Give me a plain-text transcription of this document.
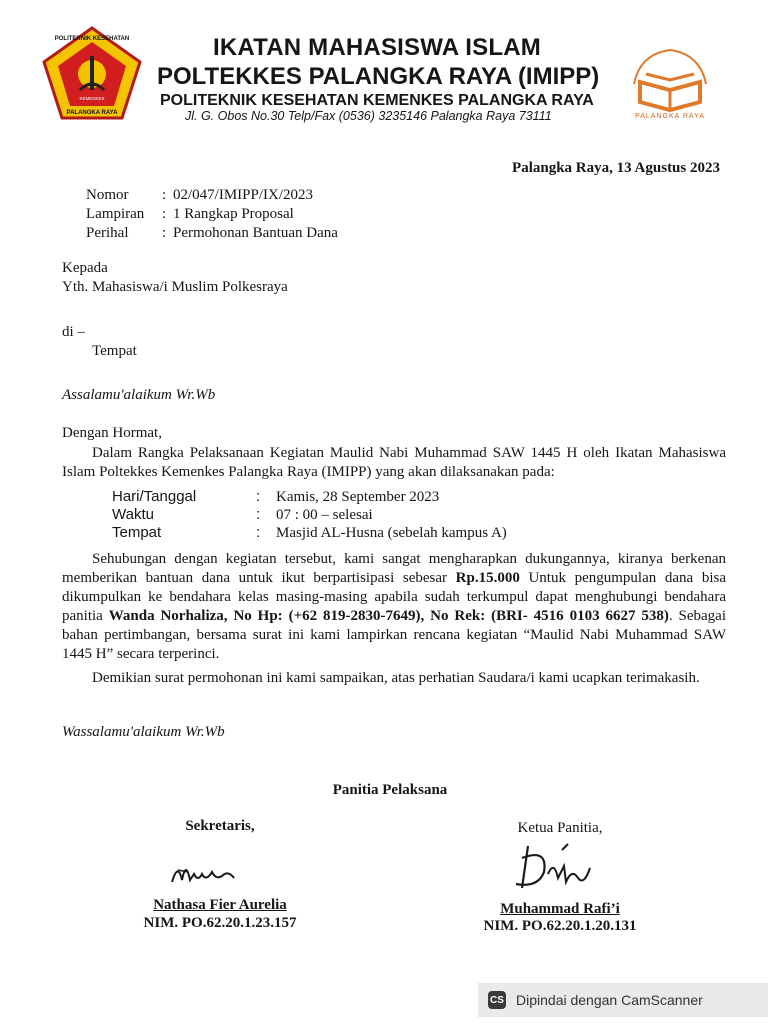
POLITEKNIK KESEHATAN
KEMENKES
PALANGKA RAYA	PALANGKA RAYA
IKATAN MAHASISWA ISLAM
POLTEKKES PALANGKA RAYA (IMIPP)
POLITEKNIK KESEHATAN KEMENKES PALANGKA RAYA
Jl. G. Obos No.30 Telp/Fax (0536) 3235146 Palangka Raya 73111
Palangka Raya, 13 Agustus 2023
Nomor	: 02/047/IMIPP/IX/2023
Lampiran	: 1 Rangkap Proposal
Perihal	: Permohonan Bantuan Dana
Kepada
Yth. Mahasiswa/i Muslim Polkesraya
di –
Tempat
Assalamu'alaikum Wr.Wb
Dengan Hormat,
Dalam Rangka Pelaksanaan Kegiatan Maulid Nabi Muhammad SAW 1445 H oleh Ikatan Mahasiswa Islam Poltekkes Kemenkes Palangka Raya (IMIPP) yang akan dilaksanakan pada:
Hari/Tanggal	:	Kamis, 28 September 2023
Waktu	:	07 : 00 – selesai
Tempat	:	Masjid AL-Husna (sebelah kampus A)
Sehubungan dengan kegiatan tersebut, kami sangat mengharapkan dukungannya, kiranya berkenan memberikan bantuan dana untuk ikut berpartisipasi sebesar Rp.15.000 Untuk pengumpulan dana bisa dikumpulkan ke bendahara kelas masing-masing apabila sudah terkumpul dapat menghubungi bendahara panitia Wanda Norhaliza, No Hp: (+62 819-2830-7649), No Rek: (BRI- 4516 0103 6627 538). Sebagai bahan pertimbangan, bersama surat ini kami lampirkan rencana kegiatan “Maulid Nabi Muhammad SAW 1445 H” secara terperinci.
Demikian surat permohonan ini kami sampaikan, atas perhatian Saudara/i kami ucapkan terimakasih.
Wassalamu'alaikum Wr.Wb
Panitia Pelaksana
Sekretaris,
Nathasa Fier Aurelia
NIM. PO.62.20.1.23.157
Ketua Panitia,
Muhammad Rafi’i
NIM. PO.62.20.1.20.131
CS Dipindai dengan CamScanner
